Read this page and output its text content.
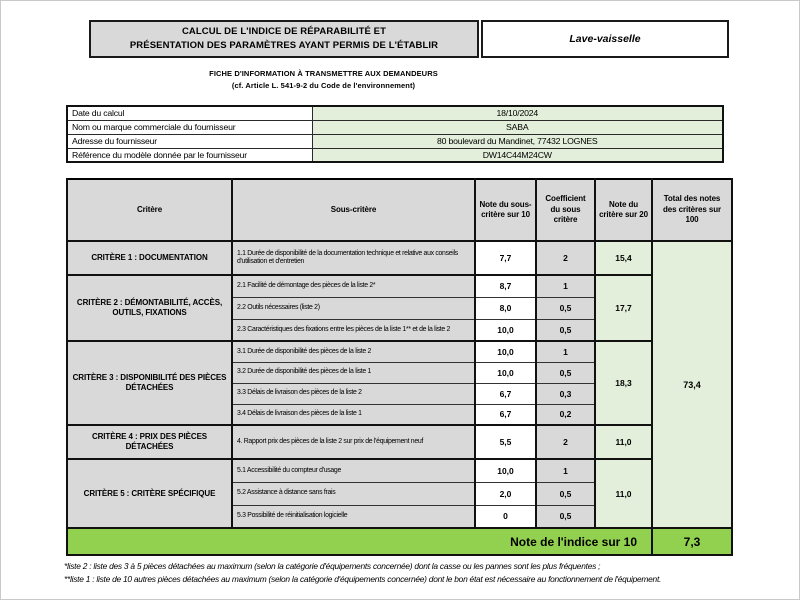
CALCUL DE L'INDICE DE RÉPARABILITÉ ET
PRÉSENTATION DES PARAMÈTRES AYANT PERMIS DE L'ÉTABLIR
Lave-vaisselle
FICHE D'INFORMATION À TRANSMETTRE AUX DEMANDEURS
(cf. Article L. 541-9-2 du Code de l'environnement)
Date du calcul	18/10/2024
Nom ou marque commerciale du fournisseur	SABA
Adresse du fournisseur	80 boulevard du Mandinet, 77432 LOGNES
Référence du modèle donnée par le fournisseur	DW14C44M24CW
Critère	Sous-critère	Note du sous-critère sur 10	Coefficient du sous critère	Note du critère sur 20	Total des notes des critères sur 100
CRITÈRE 1 : DOCUMENTATION	1.1 Durée de disponibilité de la documentation technique et relative aux conseils d'utilisation et d'entretien	7,7	2	15,4	73,4
CRITÈRE 2 : DÉMONTABILITÉ, ACCÈS, OUTILS, FIXATIONS	2.1 Facilité de démontage des pièces de la liste 2*	8,7	1	17,7	
	2.2 Outils nécessaires (liste 2)	8,0	0,5		
	2.3 Caractéristiques des fixations entre les pièces de la liste 1** et de la liste 2	10,0	0,5		
CRITÈRE 3 : DISPONIBILITÉ DES PIÈCES DÉTACHÉES	3.1 Durée de disponibilité des pièces de la liste 2	10,0	1	18,3	
	3.2 Durée de disponibilité des pièces de la liste 1	10,0	0,5		
	3.3 Délais de livraison des pièces de la liste 2	6,7	0,3		
	3.4 Délais de livraison des pièces de la liste 1	6,7	0,2		
CRITÈRE 4 : PRIX DES PIÈCES DÉTACHÉES	4. Rapport prix des pièces de la liste 2 sur prix de l'équipement neuf	5,5	2	11,0	
CRITÈRE 5 : CRITÈRE SPÉCIFIQUE	5.1 Accessibilité du compteur d'usage	10,0	1	11,0	
	5.2 Assistance à distance sans frais	2,0	0,5		
	5.3 Possibilité de réinitialisation logicielle	0	0,5		
Note de l'indice sur 10					7,3
*liste 2 : liste des 3 à 5 pièces détachées au maximum (selon la catégorie d'équipements concernée) dont la casse ou les pannes sont les plus fréquentes ;
**liste 1 : liste de 10 autres pièces détachées au maximum (selon la catégorie d'équipements concernée) dont le bon état est nécessaire au fonctionnement de l'équipement.
